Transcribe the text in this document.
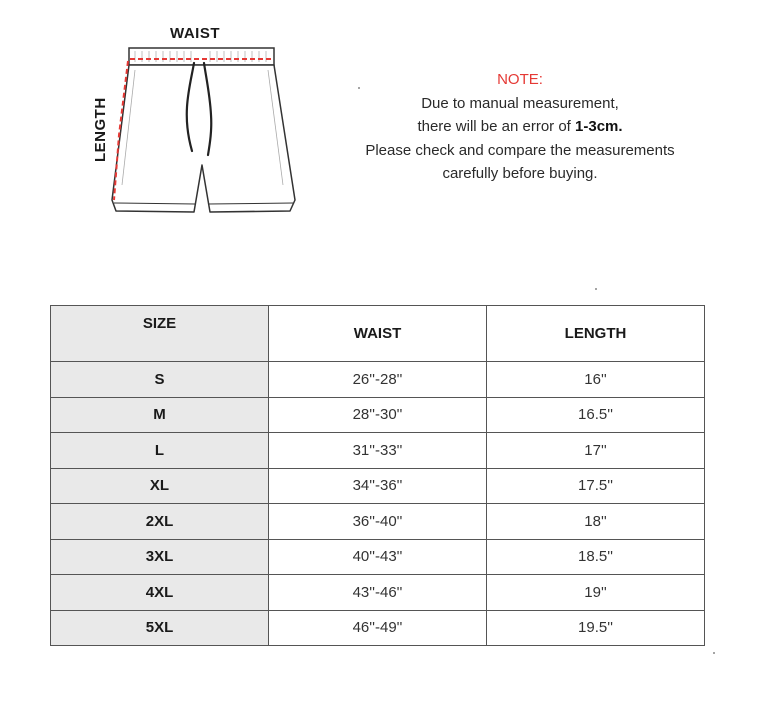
WAIST
LENGTH
NOTE:
Due to manual measurement,
there will be an error of 1-3cm.
Please check and compare the measurements
carefully before buying.
SIZE	WAIST	LENGTH
S	26''-28''	16''
M	28''-30''	16.5''
L	31''-33''	17''
XL	34''-36''	17.5''
2XL	36''-40''	18''
3XL	40''-43''	18.5''
4XL	43''-46''	19''
5XL	46''-49''	19.5''
